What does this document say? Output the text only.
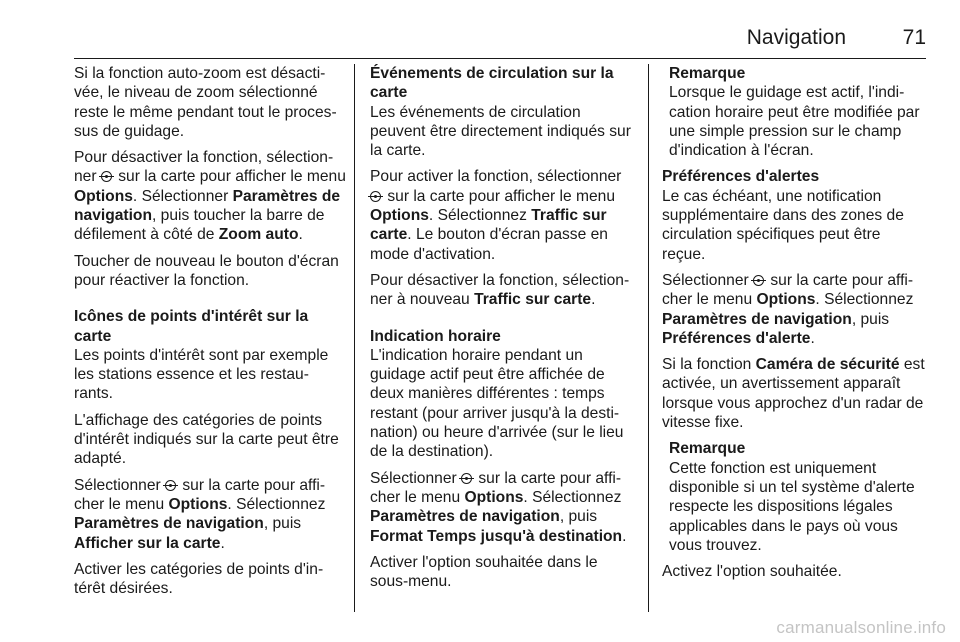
Navigation	71

Si la fonction auto-zoom est désacti-vée, le niveau de zoom sélectionné reste le même pendant tout le proces-sus de guidage.

Pour désactiver la fonction, sélection-ner sur la carte pour afficher le menu Options. Sélectionner Paramètres de navigation, puis toucher la barre de défilement à côté de Zoom auto.

Toucher de nouveau le bouton d'écran pour réactiver la fonction.

Icônes de points d'intérêt sur la carte
Les points d'intérêt sont par exemple les stations essence et les restau-rants.

L'affichage des catégories de points d'intérêt indiqués sur la carte peut être adapté.

Sélectionner sur la carte pour affi-cher le menu Options. Sélectionnez Paramètres de navigation, puis Afficher sur la carte.

Activer les catégories de points d'in-térêt désirées.

Événements de circulation sur la carte
Les événements de circulation peuvent être directement indiqués sur la carte.

Pour activer la fonction, sélectionner  sur la carte pour afficher le menu Options. Sélectionnez Traffic sur carte. Le bouton d'écran passe en mode d'activation.

Pour désactiver la fonction, sélection-ner à nouveau Traffic sur carte.

Indication horaire
L'indication horaire pendant un guidage actif peut être affichée de deux manières différentes : temps restant (pour arriver jusqu'à la desti-nation) ou heure d'arrivée (sur le lieu de la destination).

Sélectionner sur la carte pour affi-cher le menu Options. Sélectionnez Paramètres de navigation, puis Format Temps jusqu'à destination.

Activer l'option souhaitée dans le sous-menu.

Remarque
Lorsque le guidage est actif, l'indi-cation horaire peut être modifiée par une simple pression sur le champ d'indication à l'écran.

Préférences d'alertes
Le cas échéant, une notification supplémentaire dans des zones de circulation spécifiques peut être reçue.

Sélectionner sur la carte pour affi-cher le menu Options. Sélectionnez Paramètres de navigation, puis Préférences d'alerte.

Si la fonction Caméra de sécurité est activée, un avertissement apparaît lorsque vous approchez d'un radar de vitesse fixe.

Remarque
Cette fonction est uniquement disponible si un tel système d'alerte respecte les dispositions légales applicables dans le pays où vous vous trouvez.

Activez l'option souhaitée.

carmanualsonline.info
